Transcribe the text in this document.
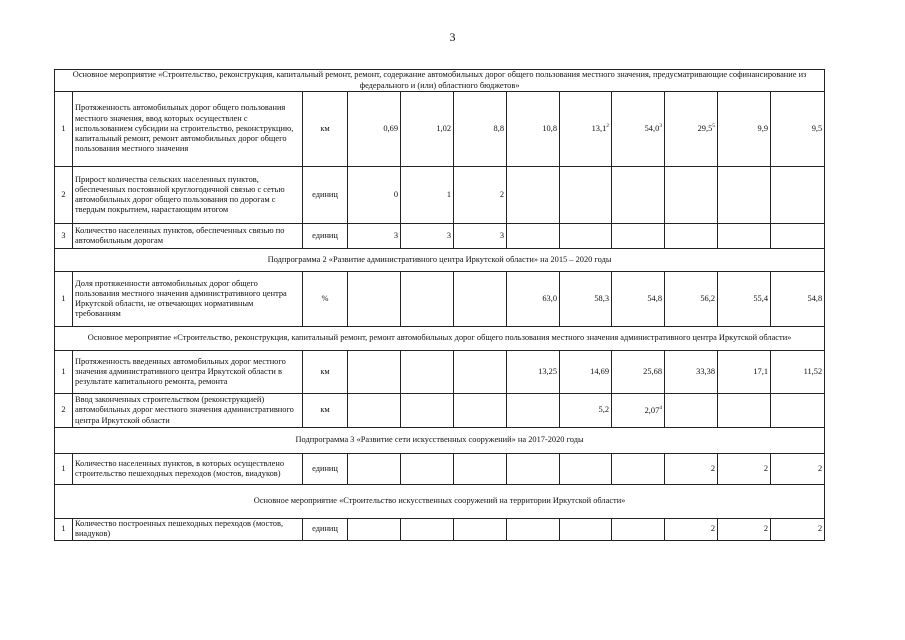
3
Основное мероприятие «Строительство, реконструкция, капитальный ремонт, ремонт, содержание автомобильных дорог общего пользования местного значения, предусматривающие софинансирование из федерального и (или) областного бюджетов»											
1	Протяженность автомобильных дорог общего пользования местного значения, ввод которых осуществлен с использованием субсидии на строительство, реконструкцию, капитальный ремонт, ремонт автомобильных дорог общего пользования местного значения	км	0,69	1,02	8,8	10,8	13,1$^2$	54,0$^3$	29,5$^5$	9,9	9,5
2	Прирост количества сельских населенных пунктов, обеспеченных постоянной круглогодичной связью с сетью автомобильных дорог общего пользования по дорогам с твердым покрытием, нарастающим итогом	единиц	0	1	2						
3	Количество населенных пунктов, обеспеченных связью по автомобильным дорогам	единиц	3	3	3						
Подпрограмма 2 «Развитие административного центра Иркутской области» на 2015 – 2020 годы											
1	Доля протяженности автомобильных дорог общего пользования местного значения административного центра Иркутской области, не отвечающих нормативным требованиям	%				63,0	58,3	54,8	56,2	55,4	54,8
Основное мероприятие «Строительство, реконструкция, капитальный ремонт, ремонт автомобильных дорог общего пользования местного значения административного центра Иркутской области»											
1	Протяженность введенных автомобильных дорог местного значения административного центра Иркутской области в результате капитального ремонта, ремонта	км				13,25	14,69	25,68	33,38	17,1	11,52
2	Ввод законченных строительством (реконструкцией) автомобильных дорог местного значения административного центра Иркутской области	км					5,2	2,07$^4$			
Подпрограмма 3 «Развитие сети искусственных сооружений» на 2017-2020 годы											
1	Количество населенных пунктов, в которых осуществлено строительство пешеходных переходов (мостов, виадуков)	единиц							2	2	2
Основное мероприятие «Строительство искусственных сооружений на территории Иркутской области»											
1	Количество построенных пешеходных переходов (мостов, виадуков)	единиц							2	2	2
